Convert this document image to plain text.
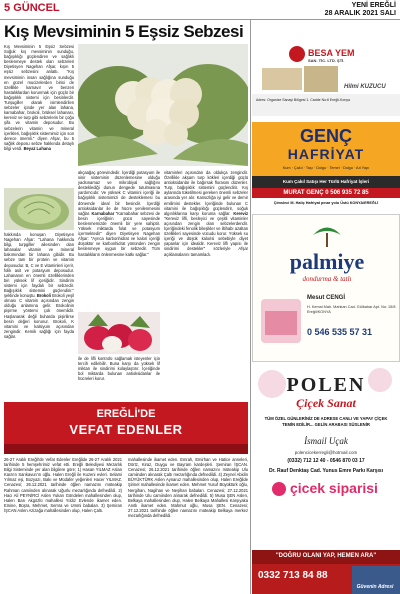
5 GÜNCEL	YENİ EREĞLİ
28 ARALIK 2021 SALI
Kış Mevsiminin 5 Eşsiz Sebzesi
Kış Mevsiminin 5 Eşsiz Sebzesi Soğuk kış mevsiminin sunduğu, bağışıklığı güçlendiren ve sağlıklı beslenmeye destek olan sebzeleri Diyetisyen Nagehan Afşar, kışın 5 eşsiz sebzesini anlattı. "Kış mevsiminin insan sağlığına sunduğu en güzel mucizelerden birisi de özellikle karnavır ve benzeri hastalıklardan korunmak için güçlü bir bağışıklık sistemi için besinlerdir. Turşugiller olarak isimlendirilen sebzeler içinde yer alan lahana, karnabahar, brokoli, brüksel lahanası, kereviz ve turp gibi sebzelerin bir çoğu şifa ve vitamin deposudur. Bu sebzelerin vitamin ve mineral içerikleri, bağışıklık sistemimiz için son derece önemli." diyen Afşar, bu 5 sağlık deposu sebze hakkında detaylı bilgi verdi. Beyaz Lahana
hakkında konuşan Diyetisyen Nagehan Afşar: "Lahana hakkında bilgi, turpgiller ailesinden olan lahanalar vitamin ve mineral bakımından bir lahana gibidir. Bu sebze tam bir protein ve vitamin deposudur. B, C ve E vitaminleri içerir, folik asit ve potasyum deposudur. Lahananın en önemli özelliklerinden biri yüksek lif içeriğidir. Sindirim sistemi için faydalı bir sebzedir. Bağışıklık sistemini güçlendirir." şeklinde konuştu. Brokoli Brokoli yeşil olması C vitamin açısından zengin olduğu anlamına gelir. Brokolinin pişirme yöntemi çok önemlidir. Haşlanarak değil buharda pişirilirse besin değeri korunur. Brokoli, K vitamini ve kalsiyum açısından zengindir. Kemik sağlığı için fayda sağlar.
akçaağaç görevindedir. İçerdiği potasyum ile sinir sisteminin düzenlemesine olduğu yadsınamaz ve mikrobiyal sağlığını desteklediği dunun dengede tutulmasına yardımcıdır. Ve yüksek C vitamini içeriği ile bağışıklık sistemimizi de desteklemesi bu dönemde ideal bir besindir. İçerdiği antioksidanlar ile de hücre yenilenmesini sağlar. Karnabahar "Karnabahar sebzesi de besin içeriğinin gücü sayesinde beslenmemizde önemli bir yere sahiptir. Yüksek miktarda folat ve potasyum içermektedir" diyen Diyetisyen Nagehan Afşar: "Ayrıca karbonhidrat ve kalori içeriği düşüktür ve karbonhidrat yönünden zengin beslenmeye uygun bir sebzedir. Tüm hastalıkların önlenmesine katkı sağlar."
ile de lifli kontrolü sağlamak isteyenler için tercih edilebilir. Buna karşı da yüksek lif miktarı ile sindirimi kolaylaştırır. İçeriğinde bol miktarda bulunan antioksidanlar ile hücreleri korur.
vitaminleri açısından da oldukça zengindir. Özellikle akşam turp kökleri içerdiği güçlü antioksidanlar ile bağırsak florasını düzenler. Turp, bağışıklık sistemini güçlendirir. Kış aylarında tüketilmesi gereken önemli sebzeler arasında yer alır. Kansızlığa iyi gelir ve demir emilimini destekler. İçeriğinde bulunan C vitamini ile bağışıklığı güçlendirir, soğuk algınlıklarına karşı koruma sağlar. Kereviz "Kereviz lifli, besleyici ve çeşitli vitaminler açısından zengin olan sebzelerdendir. İçeriğindeki fenolik bileşikler ve iltihabı azaltan özellikleri sayesinde vücudu korur. Yüksek su içeriği ve düşük kalorisi sebebiyle diyet yapanlar için idealdir. Kereviz lifli yapısı ile sindirimi destekler" sözleriyle Afşar açıklamalarını tamamladı.
EREĞLİ'DE
VEFAT EDENLER
26-27 Aralık Ereğli'de Vefat Edenler Ereğlide 26-27 Aralık 2021 tarihinde 5 hemşehrimiz vefat etti. Ereğli Belediyesi Mezarlık Bilgi Sisteminde yer alan bilgilere göre; 1) Hasan YILMAZ Aslan Kara'ın Sarıkavun'ın oğlu. Halen Ereğli ile Kuzeni evleri. Selami Yılmaz eşi, Bozyazı, Bakı ve Müdafer yeğenleri Hacer YILMAZ. Cenazesi; 26.12.2021 tarihinde öğlen namazını müteakip Rahman camiinden alınarak Uğurlu mezarlığında defnedildi. 2) Hacı Ali PEYNİRCİ Aslen Yukarı Göndelen mahallesinden olup, Halen Barı Akgözlü mahallesi Yıldız Evlende ikamet eden. Emine, Büşra, Mehmet, Semra ve Ummi babaları. 3) Şemiran İŞCAN Aslen Azizağa mahallesinden olup, Halen Çaltı.
mahallesinde ikamet eden. Emrah, Emirhan ve Hatice anneleri, Dörtz, Kiraz, Duygu ve Bayram kardeşleri. Şemiran İŞCAN. Cenazesi; 26.12.2021 tarihinde öğlen namazını müteakip Ulu camiinden alınarak Çaltı mezarlığında defnedildi. 4) Zeynel Abidin BÜYÜKTÜRK Aslen Aynaruz mahallesinden olup, Halen Ereğlide Şirinel mahallesinde ikamet eden. Mehmet Yusuf Büyüktürk oğlu, Nergihan, Nagihan ve Neşihan babaları. Cenazesi; 27.12.2021 tarihinde Ulu camiinden alınarak defnedildi. 5) Musa ŞEN Aslen, Belkaya mahallesinden olup, Halen Belkaya Mahallesi Karşıyaka Anıtlı ikamet eden. Mahmut oğlu, Musa ŞEN. Cenazesi; 27.12.2021 tarihinde öğlen namazını müteakip Belkaya merkez mezarlığında defnedildi.
BESA YEM
SAN. TİC. LTD. ŞTİ.
Hilmi KUZUCU
Adres: Organize Sanayi Bölgesi 1. Cadde No:6 Ereğli-Konya
GENÇ
HAFRİYAT
Kum · Çakıl · Taşı · Dolgu · Temel · Dolgu · Aıt Yapı
Kum Çakıl Satışı Her Türlü Hafriyat İşleri
MURAT GENÇ 0 506 935 72 85
Çimsleci M. Haliç Hafriyat pınar yolu Üstü KONYA/EREĞLİ
palmiye
dondurma & tatlı
Mesut CENGİ
H. Kemal Mah. Mahkan Cad. Gülbahar Apt. No: 15/8 Ereğli/KONYA
0 546 535 57 31
POLEN
Çiçek Sanat
TÜM ÖZEL GÜNLERİNİZ DE ADRESE CANLI VE YAPAY ÇİÇEK TEMİN EDİLİR... GELİN ARABASI SÜSLENİR
İsmail Uçak
polencicekerregli@hotmail.com
(0332) 712 12 40 - 0546 870 03 17
Dr. Rauf Denktaş Cad. Yunus Emre Parkı Karşısı
çicek siparisi
"DOĞRU OLANI YAP, HEMEN ARA"
0332 713 84 88
Güvenin Adresi
